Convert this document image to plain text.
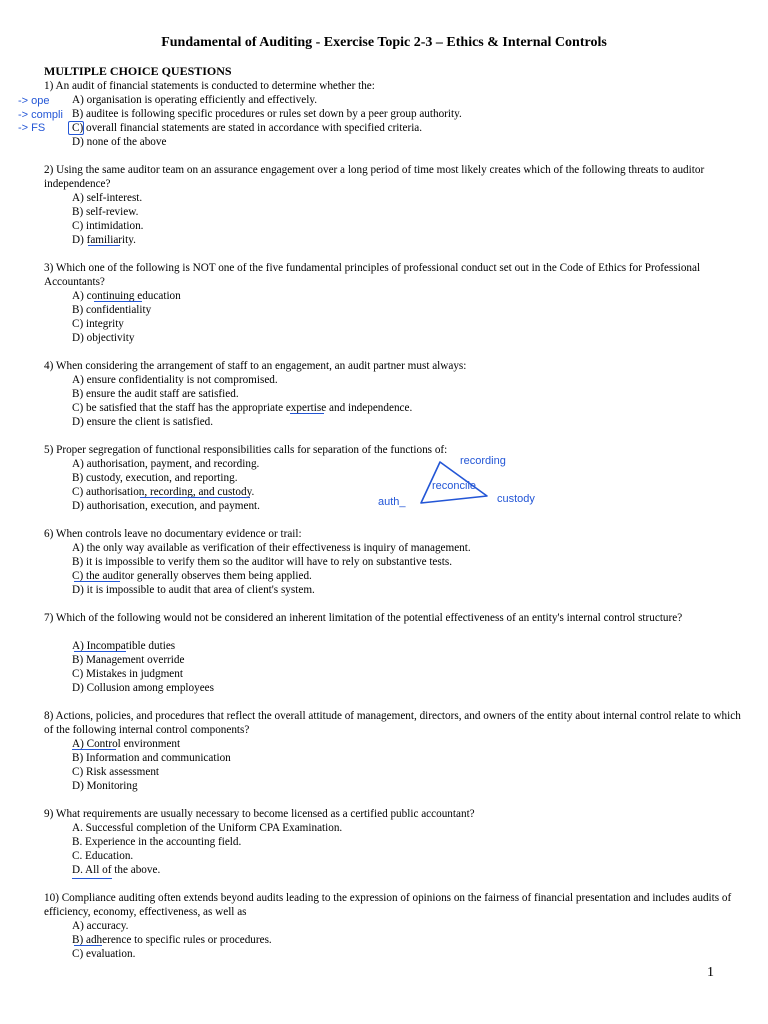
Fundamental of Auditing - Exercise Topic 2-3 – Ethics & Internal Controls
MULTIPLE CHOICE QUESTIONS
1) An audit of financial statements is conducted to determine whether the:
A) organisation is operating efficiently and effectively.
B) auditee is following specific procedures or rules set down by a peer group authority.
C) overall financial statements are stated in accordance with specified criteria.
D) none of the above
2) Using the same auditor team on an assurance engagement over a long period of time most likely creates which of the following threats to auditor independence?
A) self-interest.
B) self-review.
C) intimidation.
D) familiarity.
3) Which one of the following is NOT one of the five fundamental principles of professional conduct set out in the Code of Ethics for Professional Accountants?
A) continuing education
B) confidentiality
C) integrity
D) objectivity
4) When considering the arrangement of staff to an engagement, an audit partner must always:
A) ensure confidentiality is not compromised.
B) ensure the audit staff are satisfied.
C) be satisfied that the staff has the appropriate expertise and independence.
D) ensure the client is satisfied.
5) Proper segregation of functional responsibilities calls for separation of the functions of:
A) authorisation, payment, and recording.
B) custody, execution, and reporting.
C) authorisation, recording, and custody.
D) authorisation, execution, and payment.
6) When controls leave no documentary evidence or trail:
A) the only way available as verification of their effectiveness is inquiry of management.
B) it is impossible to verify them so the auditor will have to rely on substantive tests.
C) the auditor generally observes them being applied.
D) it is impossible to audit that area of client's system.
7) Which of the following would not be considered an inherent limitation of the potential effectiveness of an entity's internal control structure?
A) Incompatible duties
B) Management override
C) Mistakes in judgment
D) Collusion among employees
8) Actions, policies, and procedures that reflect the overall attitude of management, directors, and owners of the entity about internal control relate to which of the following internal control components?
A) Control environment
B) Information and communication
C) Risk assessment
D) Monitoring
9) What requirements are usually necessary to become licensed as a certified public accountant?
A. Successful completion of the Uniform CPA Examination.
B. Experience in the accounting field.
C. Education.
D. All of the above.
10) Compliance auditing often extends beyond audits leading to the expression of opinions on the fairness of financial presentation and includes audits of efficiency, economy, effectiveness, as well as
A) accuracy.
B) adherence to specific rules or procedures.
C) evaluation.
1
-> ope
-> compli
-> FS
recording
reconcile
auth_	custody
